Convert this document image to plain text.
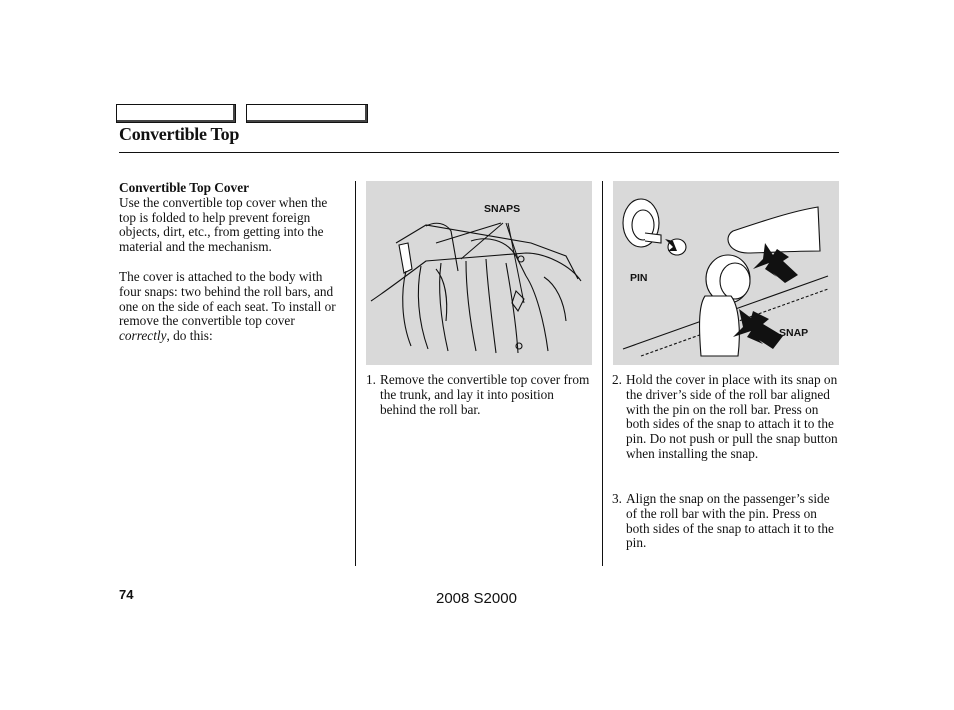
Convertible Top
Convertible Top Cover

Use the convertible top cover when the top is folded to help prevent foreign objects, dirt, etc., from getting into the material and the mechanism.

The cover is attached to the body with four snaps: two behind the roll bars, and one on the side of each seat. To install or remove the convertible top cover correctly, do this:

SNAPS
PIN
SNAP
1. Remove the convertible top cover from the trunk, and lay it into position behind the roll bar.
2. Hold the cover in place with its snap on the driver’s side of the roll bar aligned with the pin on the roll bar. Press on both sides of the snap to attach it to the pin. Do not push or pull the snap button when installing the snap.
3. Align the snap on the passenger’s side of the roll bar with the pin. Press on both sides of the snap to attach it to the pin.
74	2008 S2000
